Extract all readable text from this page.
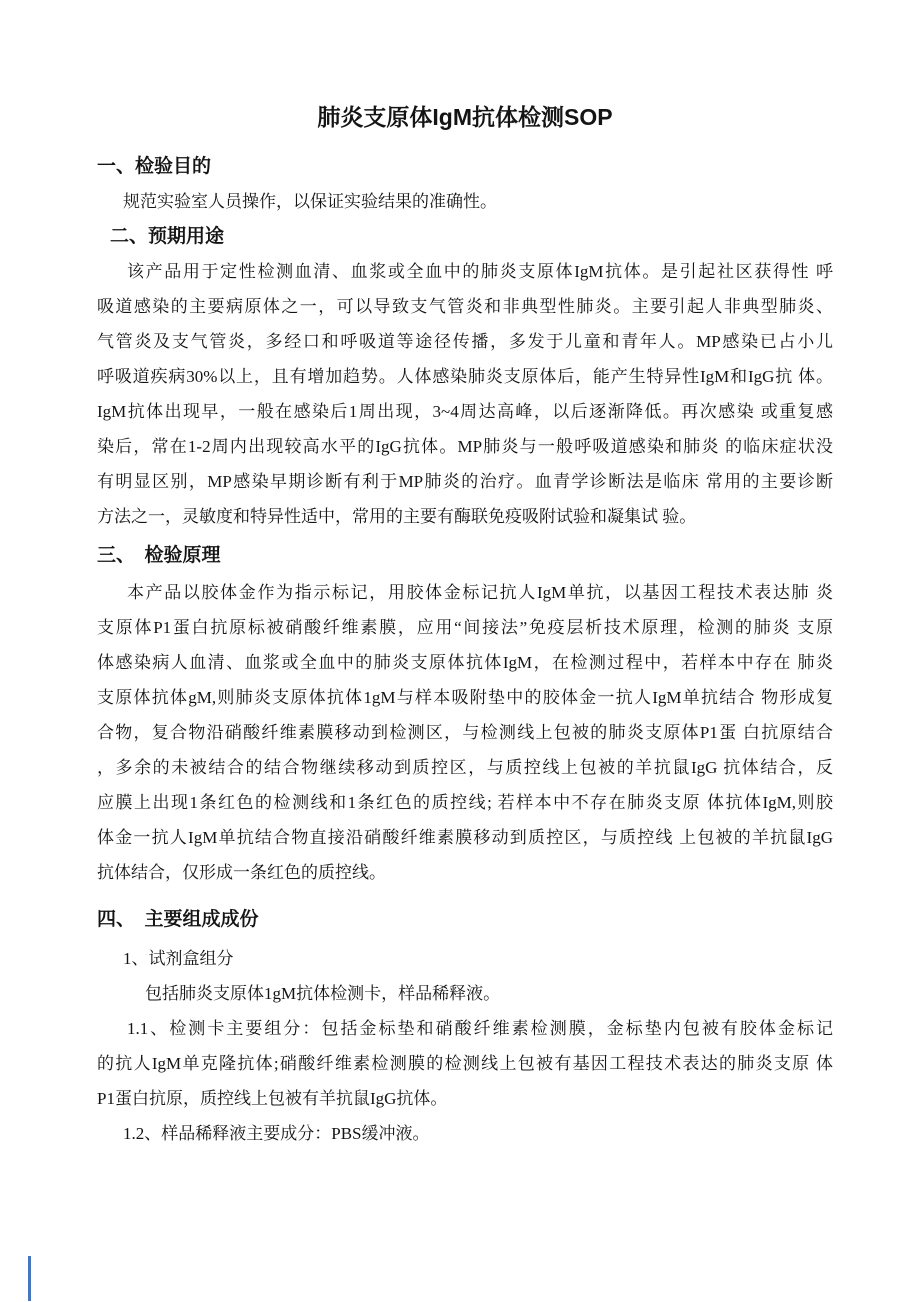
肺炎支原体IgM抗体检测SOP
一、检验目的
规范实验室人员操作，以保证实验结果的准确性。
二、预期用途
该产品用于定性检测血清、血浆或全血中的肺炎支原体IgM抗体。是引起社区获得性 呼
吸道感染的主要病原体之一，可以导致支气管炎和非典型性肺炎。主要引起人非典型肺炎、
气管炎及支气管炎，多经口和呼吸道等途径传播，多发于儿童和青年人。MP感染已占小儿
呼吸道疾病30%以上，且有增加趋势。人体感染肺炎支原体后，能产生特异性IgM和IgG抗 体。
IgM抗体出现早，一般在感染后1周出现，3~4周达高峰，以后逐渐降低。再次感染 或重复感
染后，常在1-2周内出现较高水平的IgG抗体。MP肺炎与一般呼吸道感染和肺炎 的临床症状没
有明显区别，MP感染早期诊断有利于MP肺炎的治疗。血青学诊断法是临床 常用的主要诊断
方法之一，灵敏度和特异性适中，常用的主要有酶联免疫吸附试验和凝集试 验。
三、　检验原理
本产品以胶体金作为指示标记，用胶体金标记抗人IgM单抗，以基因工程技术表达肺 炎
支原体P1蛋白抗原标被硝酸纤维素膜，应用“间接法”免疫层析技术原理，检测的肺炎 支原
体感染病人血清、血浆或全血中的肺炎支原体抗体IgM，在检测过程中，若样本中存在 肺炎
支原体抗体gM,则肺炎支原体抗体1gM与样本吸附垫中的胶体金一抗人IgM单抗结合 物形成复
合物，复合物沿硝酸纤维素膜移动到检测区，与检测线上包被的肺炎支原体P1蛋 白抗原结合
，多余的未被结合的结合物继续移动到质控区，与质控线上包被的羊抗鼠IgG 抗体结合，反
应膜上出现1条红色的检测线和1条红色的质控线; 若样本中不存在肺炎支原 体抗体IgM,则胶
体金一抗人IgM单抗结合物直接沿硝酸纤维素膜移动到质控区，与质控线 上包被的羊抗鼠IgG
抗体结合，仅形成一条红色的质控线。
四、　主要组成成份
1、试剂盒组分
包括肺炎支原体1gM抗体检测卡，样品稀释液。
1.1、检测卡主要组分：包括金标垫和硝酸纤维素检测膜，金标垫内包被有胶体金标记
的抗人IgM单克隆抗体;硝酸纤维素检测膜的检测线上包被有基因工程技术表达的肺炎支原 体
P1蛋白抗原，质控线上包被有羊抗鼠IgG抗体。
1.2、样品稀释液主要成分：PBS缓冲液。
